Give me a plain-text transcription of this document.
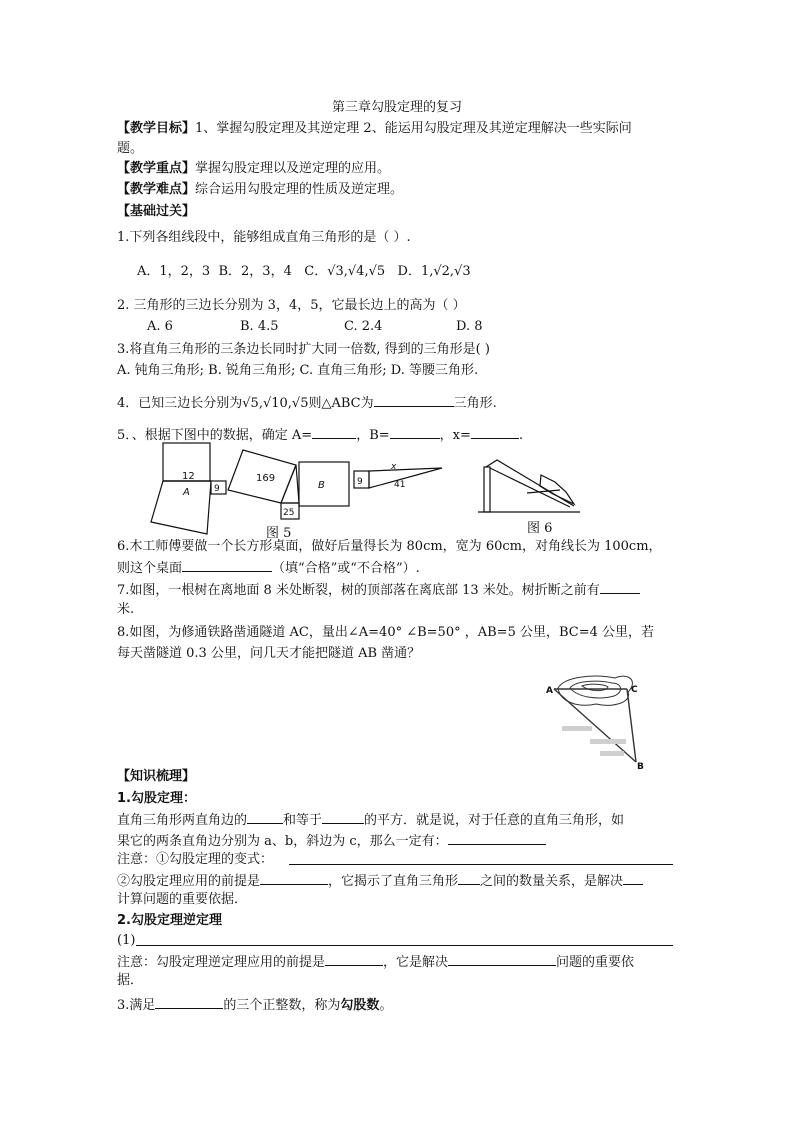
第三章勾股定理的复习
【教学目标】1、掌握勾股定理及其逆定理 2、能运用勾股定理及其逆定理解决一些实际问
题。
【教学重点】掌握勾股定理以及逆定理的应用。
【教学难点】综合运用勾股定理的性质及逆定理。
【基础过关】
1.下列各组线段中，能够组成直角三角形的是（ ）.
A．1，2，3 B．2，3，4 C．√3,√4,√5 D．1,√2,√3
2. 三角形的三边长分别为 3，4，5，它最长边上的高为（ ）
A. 6	B. 4.5	C. 2.4	D. 8
3.将直角三角形的三条边长同时扩大同一倍数, 得到的三角形是( )
A. 钝角三角形; B. 锐角三角形; C. 直角三角形; D. 等腰三角形.
4．已知三边长分别为√5,√10,√5则△ABC为	三角形.
5．、根据下图中的数据，确定 A=	，B=	，x=	.
12
A	9
169
B
25
9
x
41
图 5	图 6
6.木工师傅要做一个长方形桌面，做好后量得长为 80cm，宽为 60cm，对角线长为 100cm，
则这个桌面	（填“合格”或“不合格”）.
7.如图，一根树在离地面 8 米处断裂，树的顶部落在离底部 13 米处。树折断之前有
米.
8.如图，为修通铁路凿通隧道 AC，量出∠A=40° ∠B=50° ，AB=5 公里，BC=4 公里，若
每天凿隧道 0.3 公里，问几天才能把隧道 AB 凿通？
A	C
B
【知识梳理】
1.勾股定理：
直角三角形两直角边的	和等于	的平方．就是说，对于任意的直角三角形，如
果它的两条直角边分别为 a、b，斜边为 c，那么一定有：
注意：①勾股定理的变式：
②勾股定理应用的前提是	，它揭示了直角三角形 之间的数量关系，是解决
计算问题的重要依据．
2.勾股定理逆定理
(1)
注意：勾股定理逆定理应用的前提是	，它是解决	问题的重要依
据．
3.满足	的三个正整数，称为勾股数。
